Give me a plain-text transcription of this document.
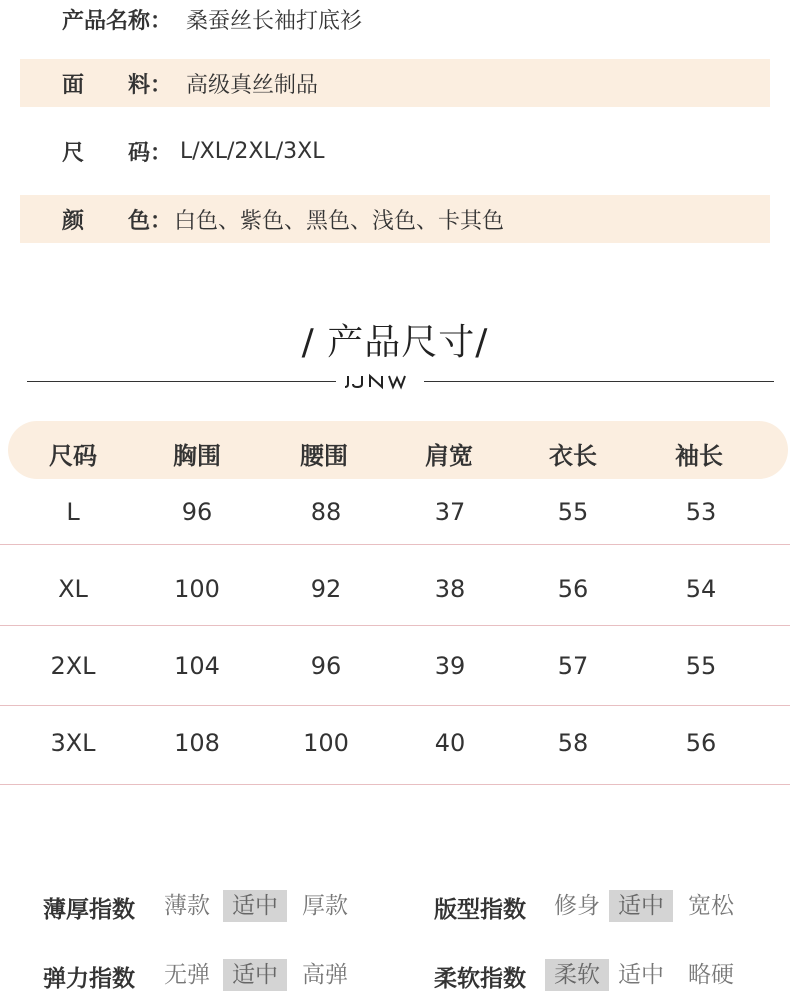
产品名称： 桑蚕丝长袖打底衫
面　　料： 高级真丝制品
尺　　码： L/XL/2XL/3XL
颜　　色： 白色、紫色、黑色、浅色、卡其色
/ 产品尺寸/
尺码	胸围	腰围	肩宽	衣长	袖长
L	96	88	37	55	53
XL	100	92	38	56	54
2XL	104	96	39	57	55
3XL	108	100	40	58	56
薄厚指数	薄款 适中	厚款	版型指数	修身 适中	宽松
弹力指数	无弹 适中	高弹	柔软指数	柔软 适中	略硬
